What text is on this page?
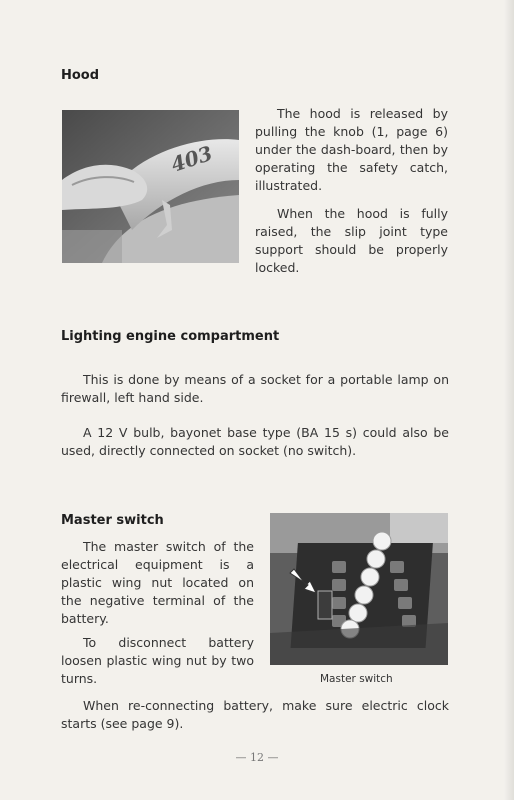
Hood
403

The hood is released by pulling the knob (1, page 6) under the dash-board, then by operating the safety catch, illustrated.

When the hood is fully raised, the slip joint type support should be properly locked.

Lighting engine compartment

This is done by means of a socket for a portable lamp on firewall, left hand side.

A 12 V bulb, bayonet base type (BA 15 s) could also be used, directly connected on socket (no switch).

Master switch

The master switch of the electrical equipment is a plastic wing nut located on the negative terminal of the battery.

To disconnect battery loosen plastic wing nut by two turns.	Master switch

When re-connecting battery, make sure electric clock starts (see page 9).

— 12 —
